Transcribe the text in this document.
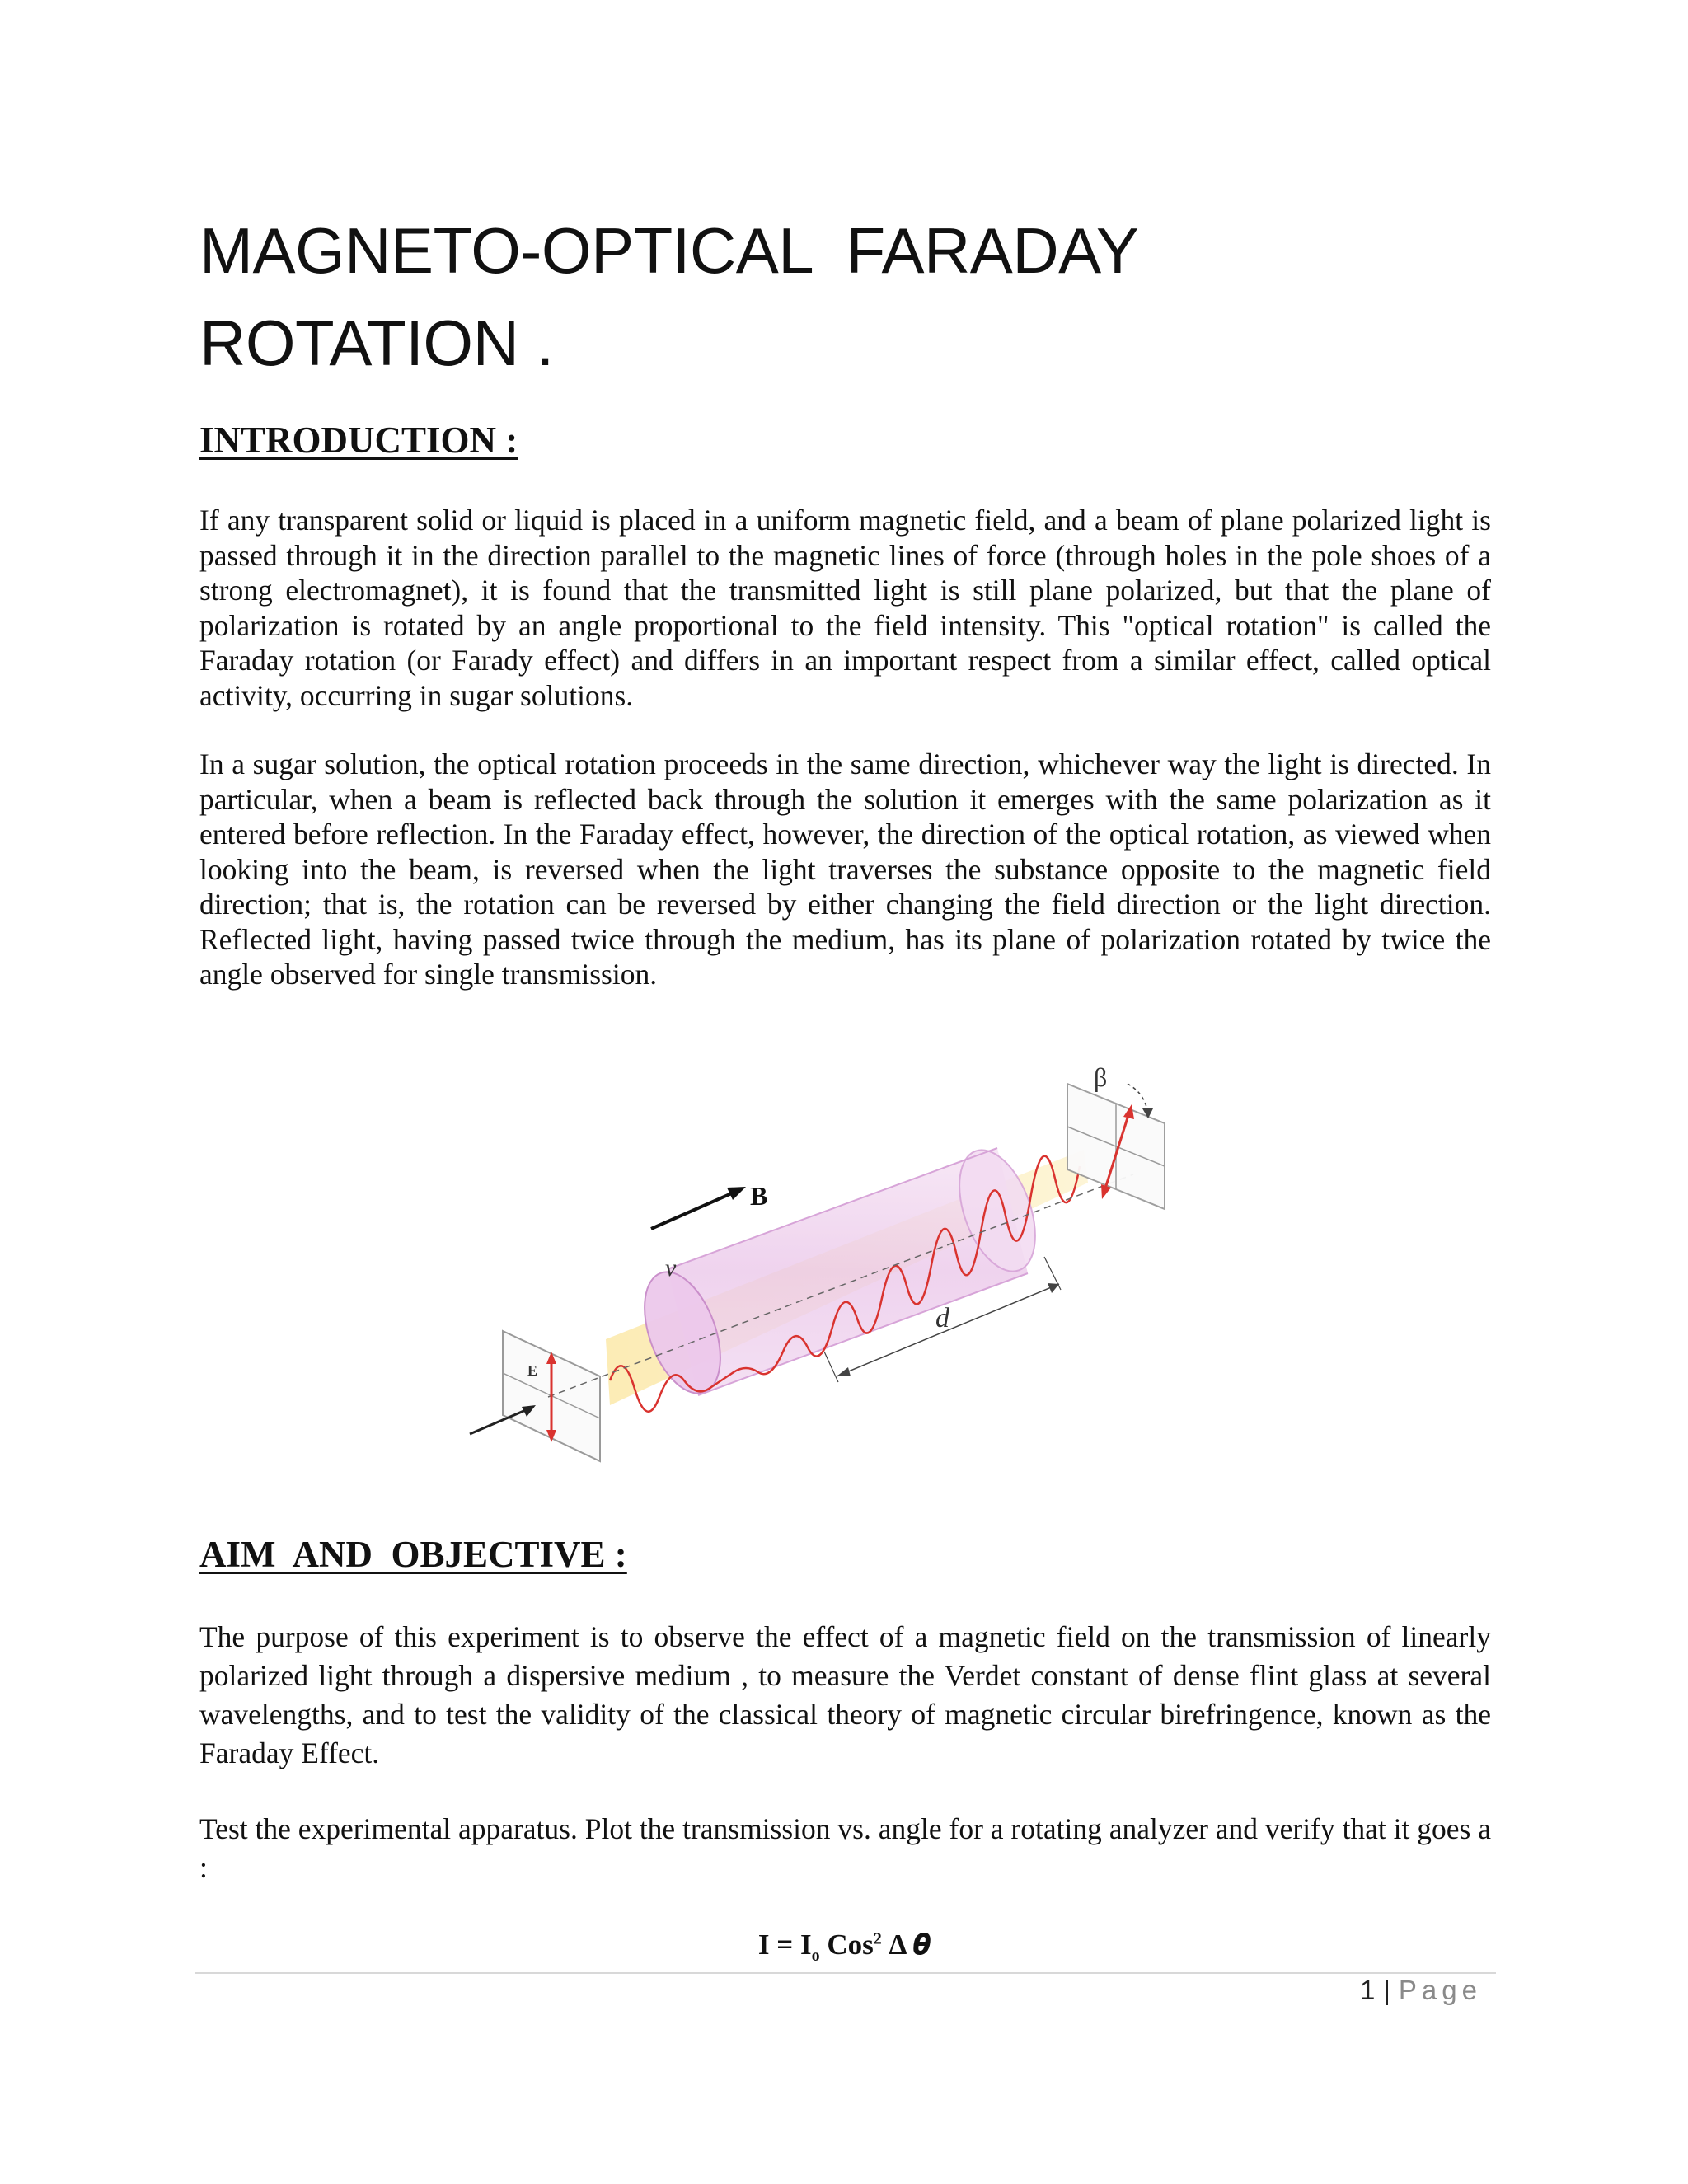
MAGNETO-OPTICAL  FARADAY
ROTATION .
INTRODUCTION :

If any transparent solid or liquid is placed in a uniform magnetic field, and a beam of plane polarized light is passed through it in the direction parallel to the magnetic lines of force (through holes in the pole shoes of a strong electromagnet), it is found that the transmitted light is still plane polarized, but that the plane of polarization is rotated by an angle proportional to the field intensity. This "optical rotation" is called the Faraday rotation (or Farady effect) and differs in an important respect from a similar effect, called optical activity, occurring in sugar solutions.

In a sugar solution, the optical rotation proceeds in the same direction, whichever way the light is directed. In particular, when a beam is reflected back through the solution it emerges with the same polarization as it entered before reflection. In the Faraday effect, however, the direction of the optical rotation, as viewed when looking into the beam, is reversed when the light traverses the substance opposite to the magnetic field direction; that is, the rotation can be reversed by either changing the field direction or the light direction. Reflected light, having passed twice through the medium, has its plane of polarization rotated by twice the angle observed for single transmission.

E
B
v
d
β
AIM  AND  OBJECTIVE :

The purpose of this experiment is to observe the effect of a magnetic field on the transmission of linearly polarized light through a dispersive medium , to measure the Verdet constant of dense flint glass at several wavelengths, and to test the validity of the classical theory of magnetic circular birefringence, known as the Faraday Effect.

Test the experimental apparatus. Plot the transmission vs. angle for a rotating analyzer and verify that it goes a :

$I = I_o$ Cos$^2$ Δ 𝜽
1 | Page
